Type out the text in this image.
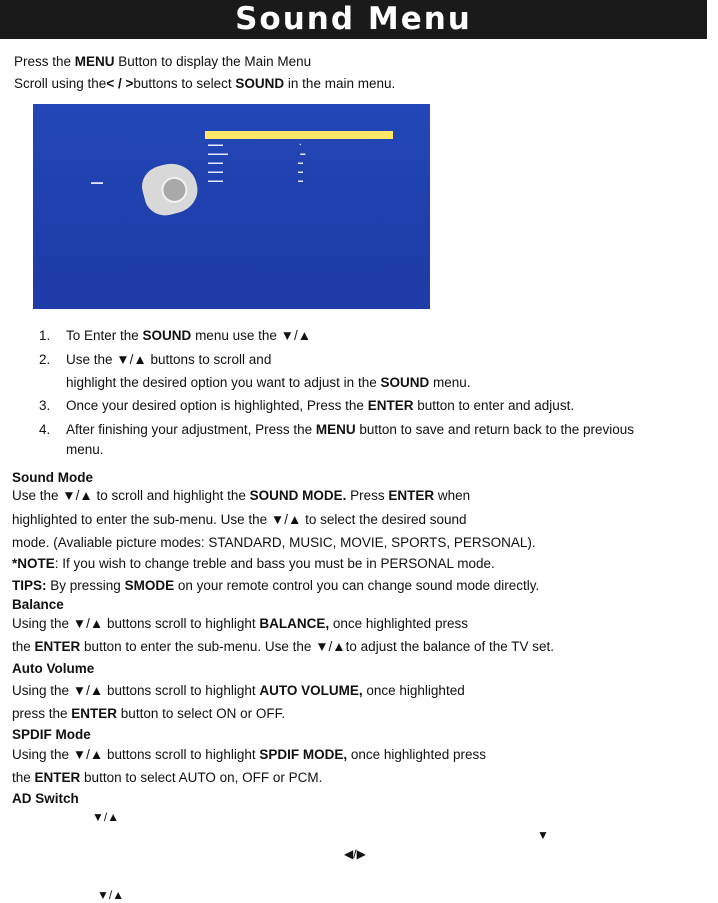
Sound Menu
Press the MENU Button to display the Main Menu
Scroll using the< / >buttons to select SOUND in the main menu.
▬▬▬                                                       ▪
▬▬▬▬                                                    ▬
▬▬▬                                                      ▬
▬▬▬                                                      ▬
▬▬▬                                                      ▬
▬▬
1. To Enter the SOUND menu use the ▼/▲
2. Use the ▼/▲ buttons to scroll and
highlight the desired option you want to adjust in the SOUND menu.
3. Once your desired option is highlighted, Press the ENTER button to enter and adjust.
4. After finishing your adjustment, Press the MENU button to save and return back to the previous
menu.
Sound Mode
Use the ▼/▲ to scroll and highlight the SOUND MODE. Press ENTER when
highlighted to enter the sub-menu. Use the ▼/▲ to select the desired sound
mode. (Avaliable picture modes: STANDARD, MUSIC, MOVIE, SPORTS, PERSONAL).
*NOTE: If you wish to change treble and bass you must be in PERSONAL mode.
TIPS: By pressing SMODE on your remote control you can change sound mode directly.
Balance
Using the ▼/▲ buttons scroll to highlight BALANCE, once highlighted press
the ENTER button to enter the sub-menu. Use the ▼/▲to adjust the balance of the TV set.
Auto Volume
Using the ▼/▲ buttons scroll to highlight AUTO VOLUME, once highlighted
press the ENTER button to select ON or OFF.
SPDIF Mode
Using the ▼/▲ buttons scroll to highlight SPDIF MODE, once highlighted press
the ENTER button to select AUTO on, OFF or PCM.
AD Switch
▼/▲
▼
◀/▶
▼/▲
